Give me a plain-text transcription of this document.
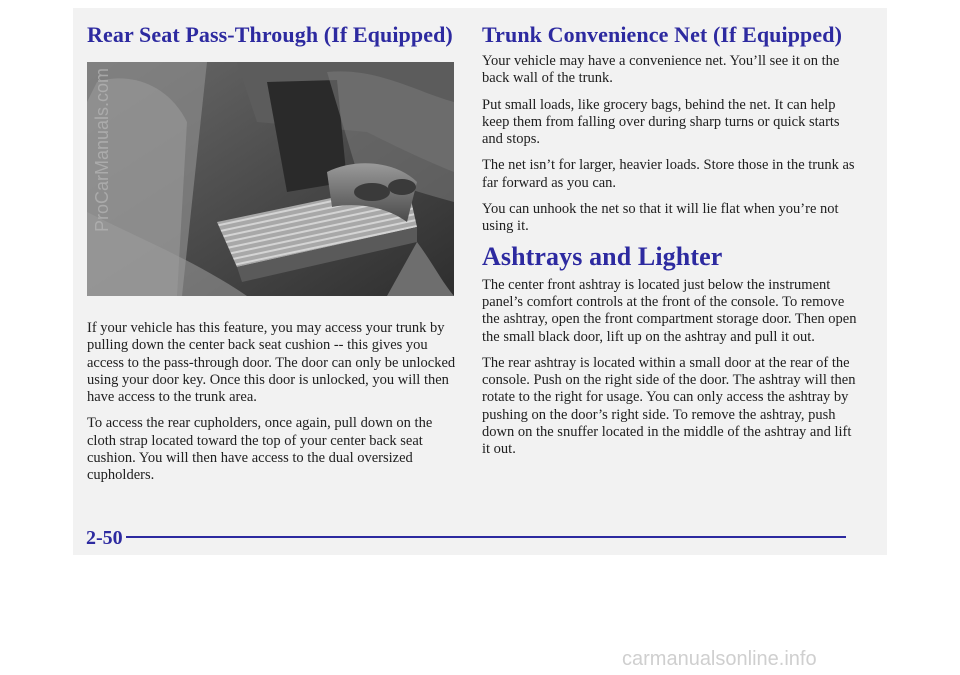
Rear Seat Pass-Through (If Equipped)

If your vehicle has this feature, you may access your trunk by pulling down the center back seat cushion -- this gives you access to the pass-through door. The door can only be unlocked using your door key. Once this door is unlocked, you will then have access to the trunk area.

To access the rear cupholders, once again, pull down on the cloth strap located toward the top of your center back seat cushion. You will then have access to the dual oversized cupholders.

Trunk Convenience Net (If Equipped)

Your vehicle may have a convenience net. You’ll see it on the back wall of the trunk.

Put small loads, like grocery bags, behind the net. It can help keep them from falling over during sharp turns or quick starts and stops.

The net isn’t for larger, heavier loads. Store those in the trunk as far forward as you can.

You can unhook the net so that it will lie flat when you’re not using it.

Ashtrays and Lighter

The center front ashtray is located just below the instrument panel’s comfort controls at the front of the console. To remove the ashtray, open the front compartment storage door. Then open the small black door, lift up on the ashtray and pull it out.

The rear ashtray is located within a small door at the rear of the console. Push on the right side of the door. The ashtray will then rotate to the right for usage. You can only access the ashtray by pushing on the door’s right side. To remove the ashtray, push down on the snuffer located in the middle of the ashtray and lift it out.

2-50
ProCarManuals.com
carmanualsonline.info
